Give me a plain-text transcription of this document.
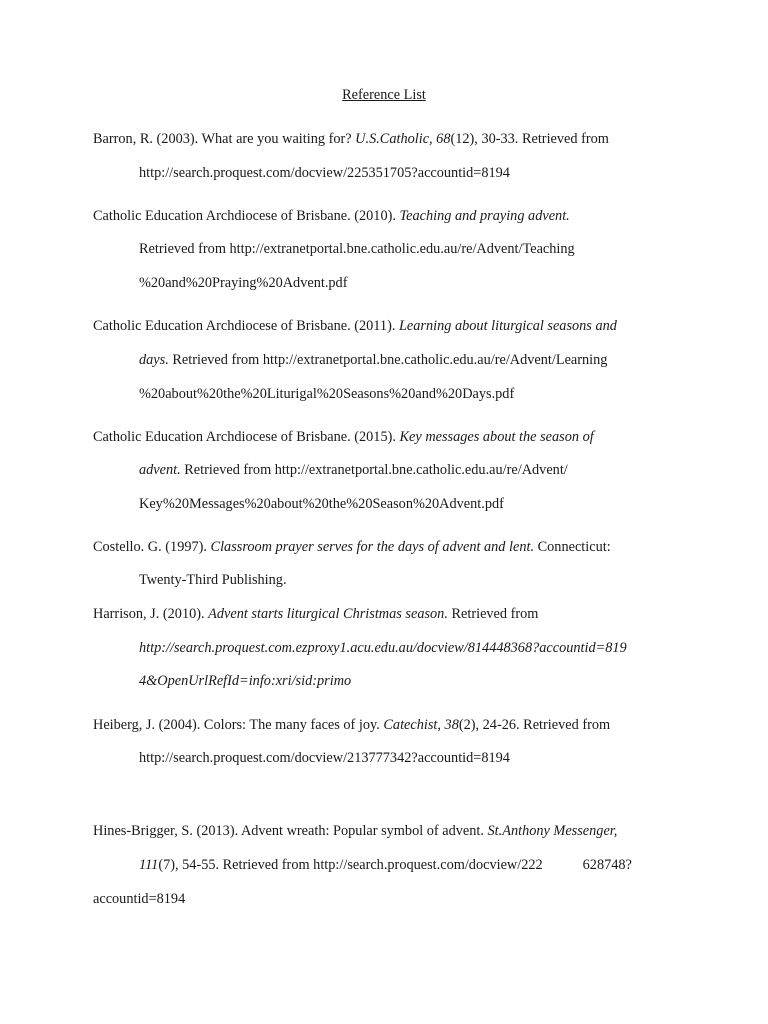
Reference List
Barron, R. (2003). What are you waiting for? U.S.Catholic, 68(12), 30-33. Retrieved from
http://search.proquest.com/docview/225351705?accountid=8194
Catholic Education Archdiocese of Brisbane. (2010). Teaching and praying advent.
Retrieved from http://extranetportal.bne.catholic.edu.au/re/Advent/Teaching
%20and%20Praying%20Advent.pdf
Catholic Education Archdiocese of Brisbane. (2011). Learning about liturgical seasons and
days. Retrieved from http://extranetportal.bne.catholic.edu.au/re/Advent/Learning
%20about%20the%20Liturigal%20Seasons%20and%20Days.pdf
Catholic Education Archdiocese of Brisbane. (2015). Key messages about the season of
advent. Retrieved from http://extranetportal.bne.catholic.edu.au/re/Advent/
Key%20Messages%20about%20the%20Season%20Advent.pdf
Costello. G. (1997). Classroom prayer serves for the days of advent and lent. Connecticut:
Twenty-Third Publishing.
Harrison, J. (2010). Advent starts liturgical Christmas season. Retrieved from
http://search.proquest.com.ezproxy1.acu.edu.au/docview/814448368?accountid=819
4&OpenUrlRefId=info:xri/sid:primo
Heiberg, J. (2004). Colors: The many faces of joy. Catechist, 38(2), 24-26. Retrieved from
http://search.proquest.com/docview/213777342?accountid=8194
Hines-Brigger, S. (2013). Advent wreath: Popular symbol of advent. St.Anthony Messenger,
111(7), 54-55. Retrieved from http://search.proquest.com/docview/222	628748?
accountid=8194
